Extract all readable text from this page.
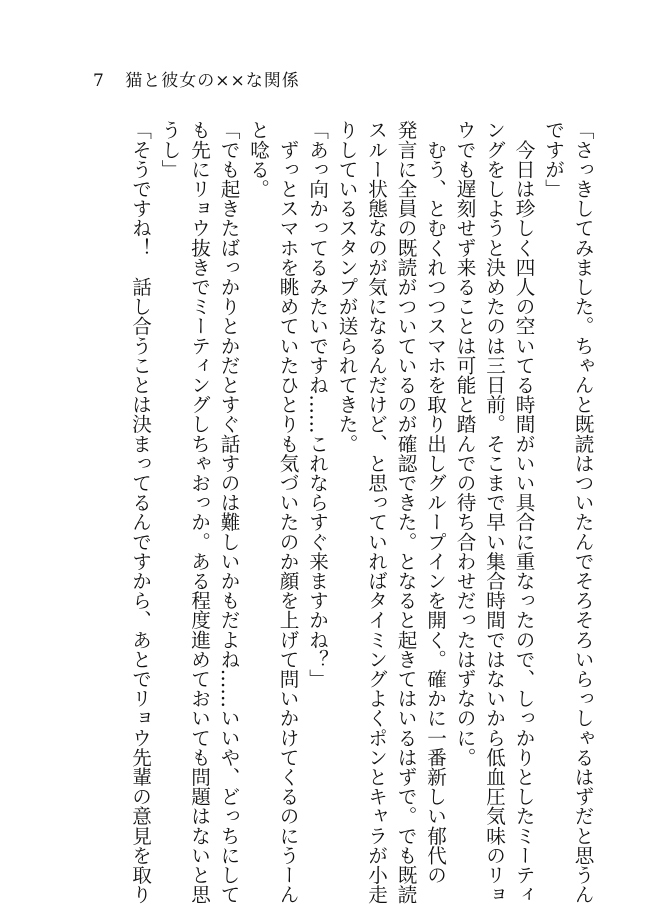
7 猫と彼女の××な関係
「さっきしてみました。ちゃんと既読はついたんでそろそろいらっしゃるはずだと思うん
ですが」
　今日は珍しく四人の空いてる時間がいい具合に重なったので、しっかりとしたミーティ
ングをしようと決めたのは三日前。そこまで早い集合時間ではないから低血圧気味のリョ
ウでも遅刻せず来ることは可能と踏んでの待ち合わせだったはずなのに。
　むう、とむくれつつスマホを取り出しグループインを開く。確かに一番新しい郁代の
発言に全員の既読がついているのが確認できた。となると起きてはいるはずで。でも既読
スルー状態なのが気になるんだけど、と思っていればタイミングよくポンとキャラが小走
りしているスタンプが送られてきた。
「あっ向かってるみたいですね……これならすぐ来ますかね？」
　ずっとスマホを眺めていたひとりも気づいたのか顔を上げて問いかけてくるのにうーん
と唸る。
「でも起きたばっかりとかだとすぐ話すのは難しいかもだよね……いいや、どっちにして
も先にリョウ抜きでミーティングしちゃおっか。ある程度進めておいても問題はないと思
うし」
「そうですね！　話し合うことは決まってるんですから、あとでリョウ先輩の意見を取り
